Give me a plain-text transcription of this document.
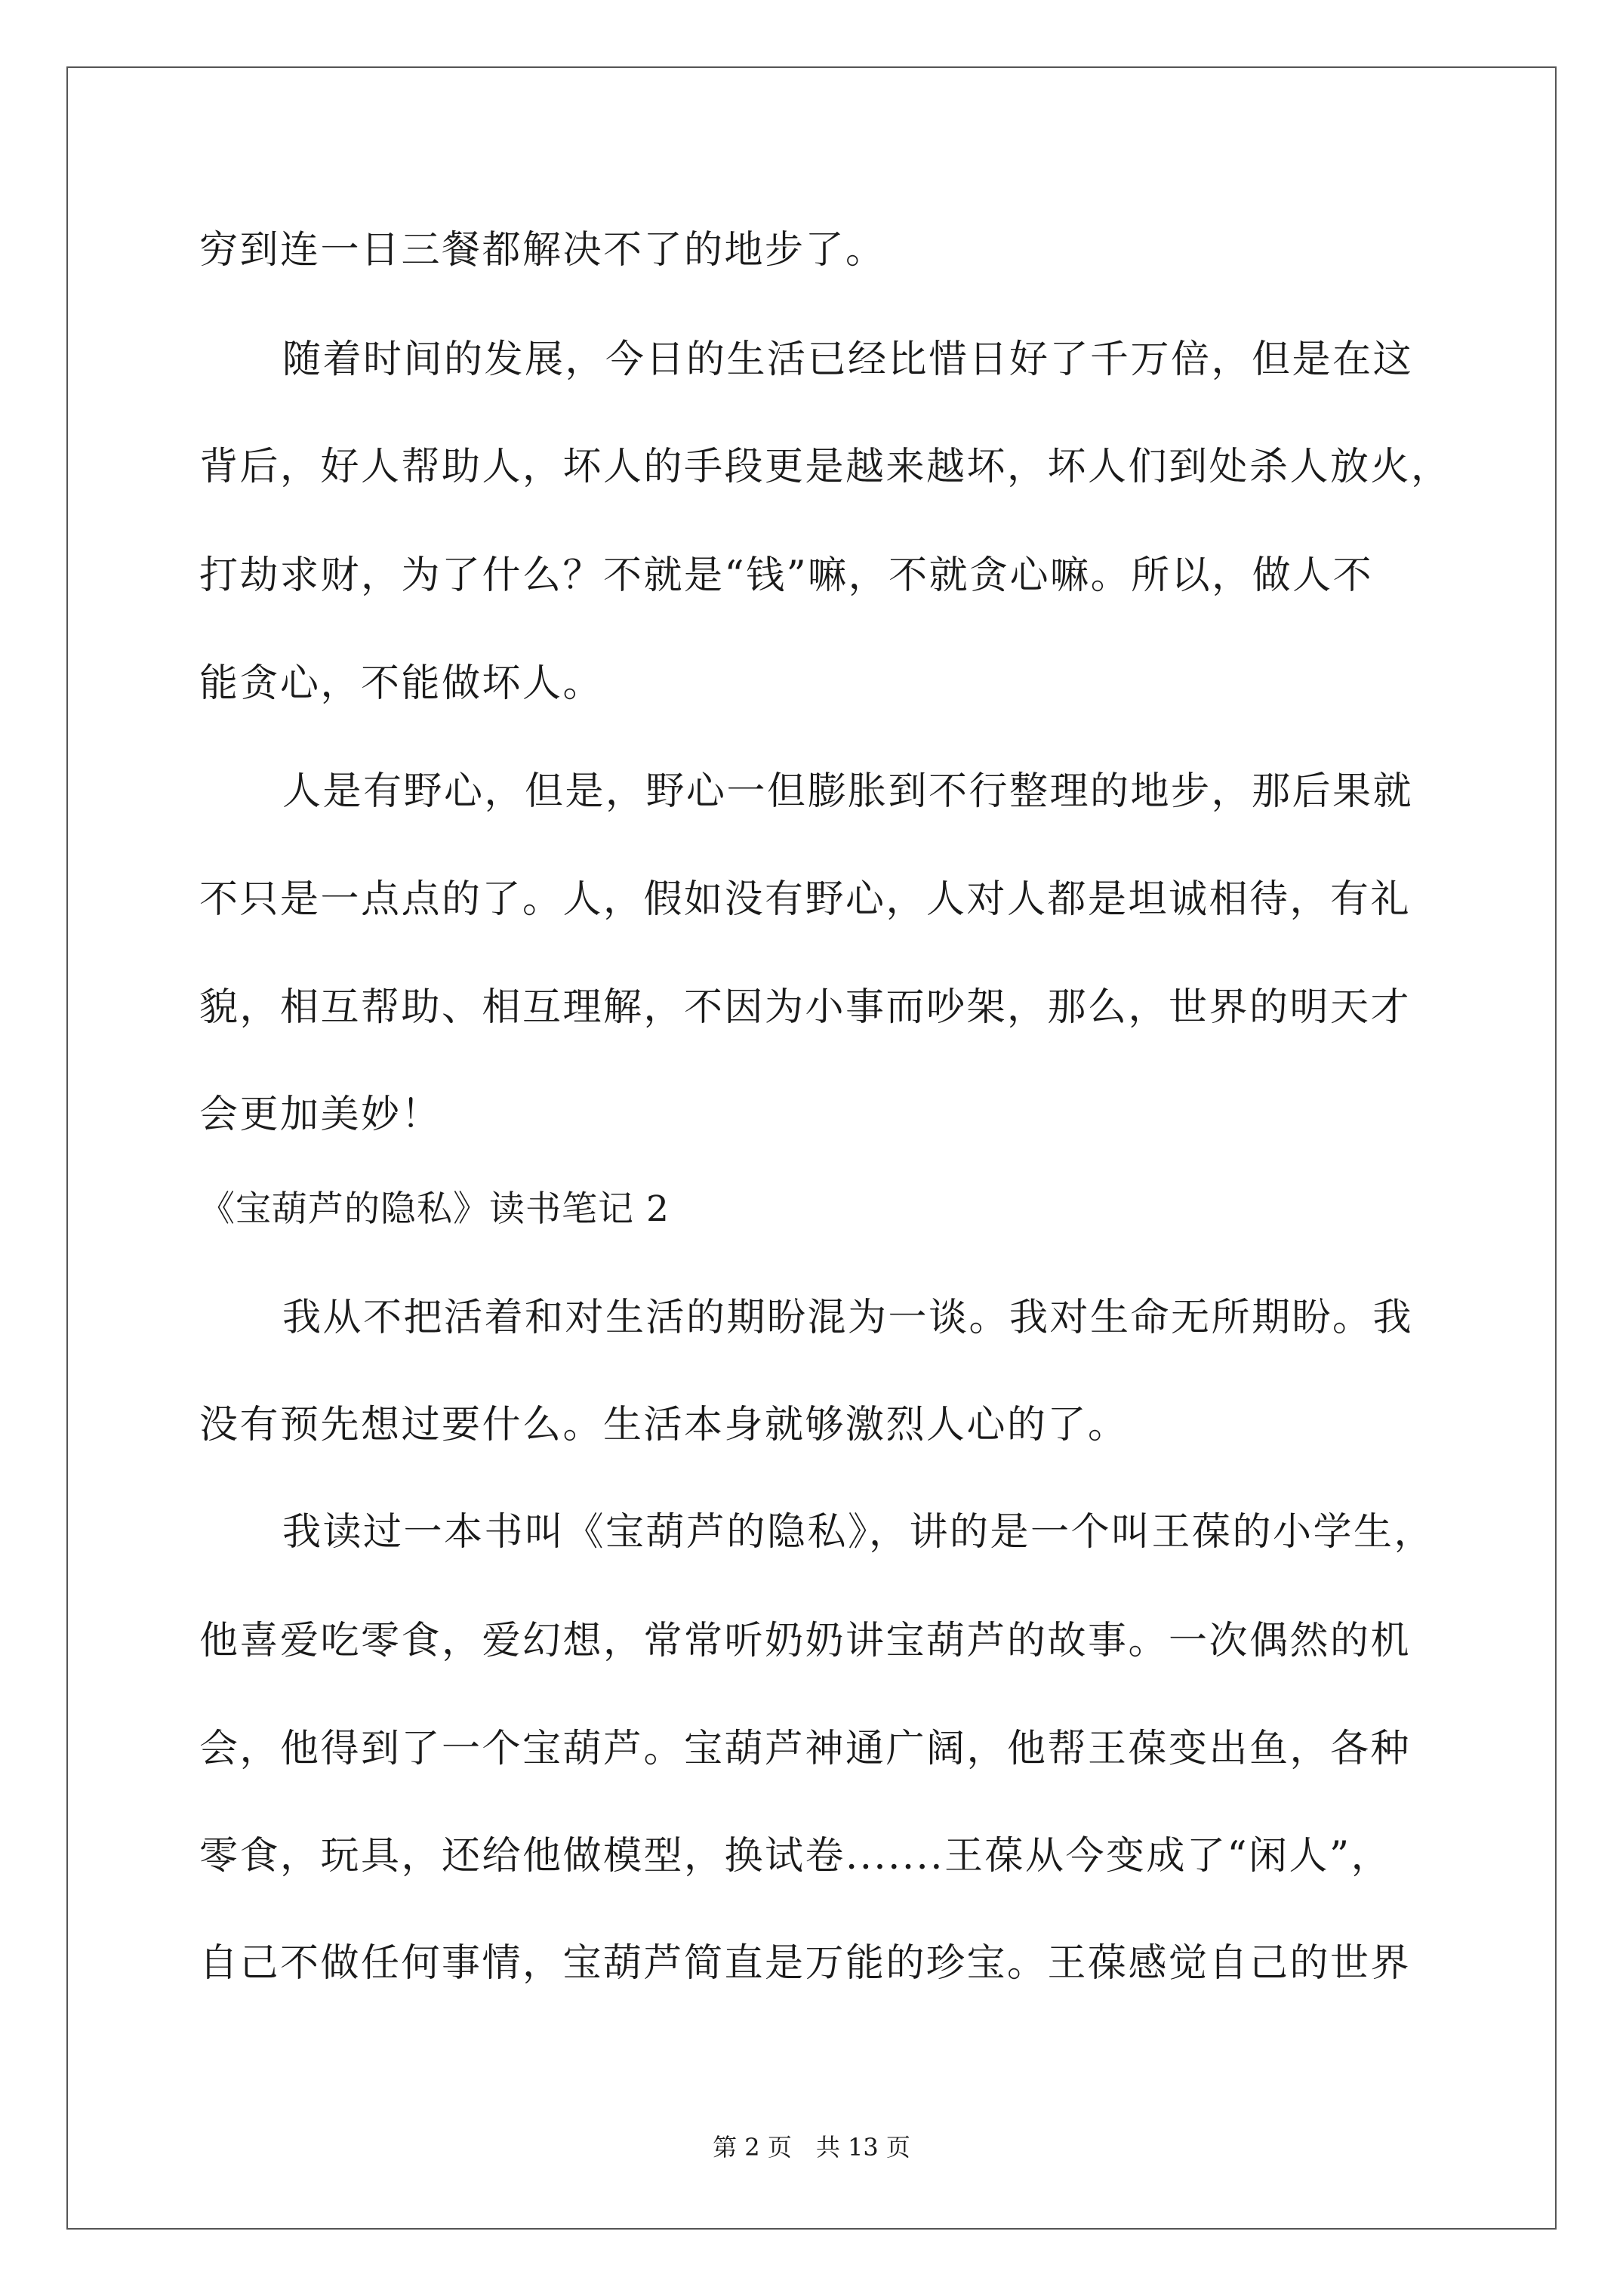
穷到连一日三餐都解决不了的地步了。
随着时间的发展，今日的生活已经比惜日好了千万倍，但是在这
背后，好人帮助人，坏人的手段更是越来越坏，坏人们到处杀人放火，
打劫求财，为了什么？不就是“钱”嘛，不就贪心嘛。所以，做人不
能贪心，不能做坏人。
人是有野心，但是，野心一但膨胀到不行整理的地步，那后果就
不只是一点点的了。人，假如没有野心，人对人都是坦诚相待，有礼
貌，相互帮助、相互理解，不因为小事而吵架，那么，世界的明天才
会更加美妙！
《宝葫芦的隐私》读书笔记 2
我从不把活着和对生活的期盼混为一谈。我对生命无所期盼。我
没有预先想过要什么。生活本身就够激烈人心的了。
我读过一本书叫《宝葫芦的隐私》，讲的是一个叫王葆的小学生，
他喜爱吃零食，爱幻想，常常听奶奶讲宝葫芦的故事。一次偶然的机
会，他得到了一个宝葫芦。宝葫芦神通广阔，他帮王葆变出鱼，各种
零食，玩具，还给他做模型，换试卷.......王葆从今变成了“闲人”，
自己不做任何事情，宝葫芦简直是万能的珍宝。王葆感觉自己的世界
第 2 页　共 13 页
